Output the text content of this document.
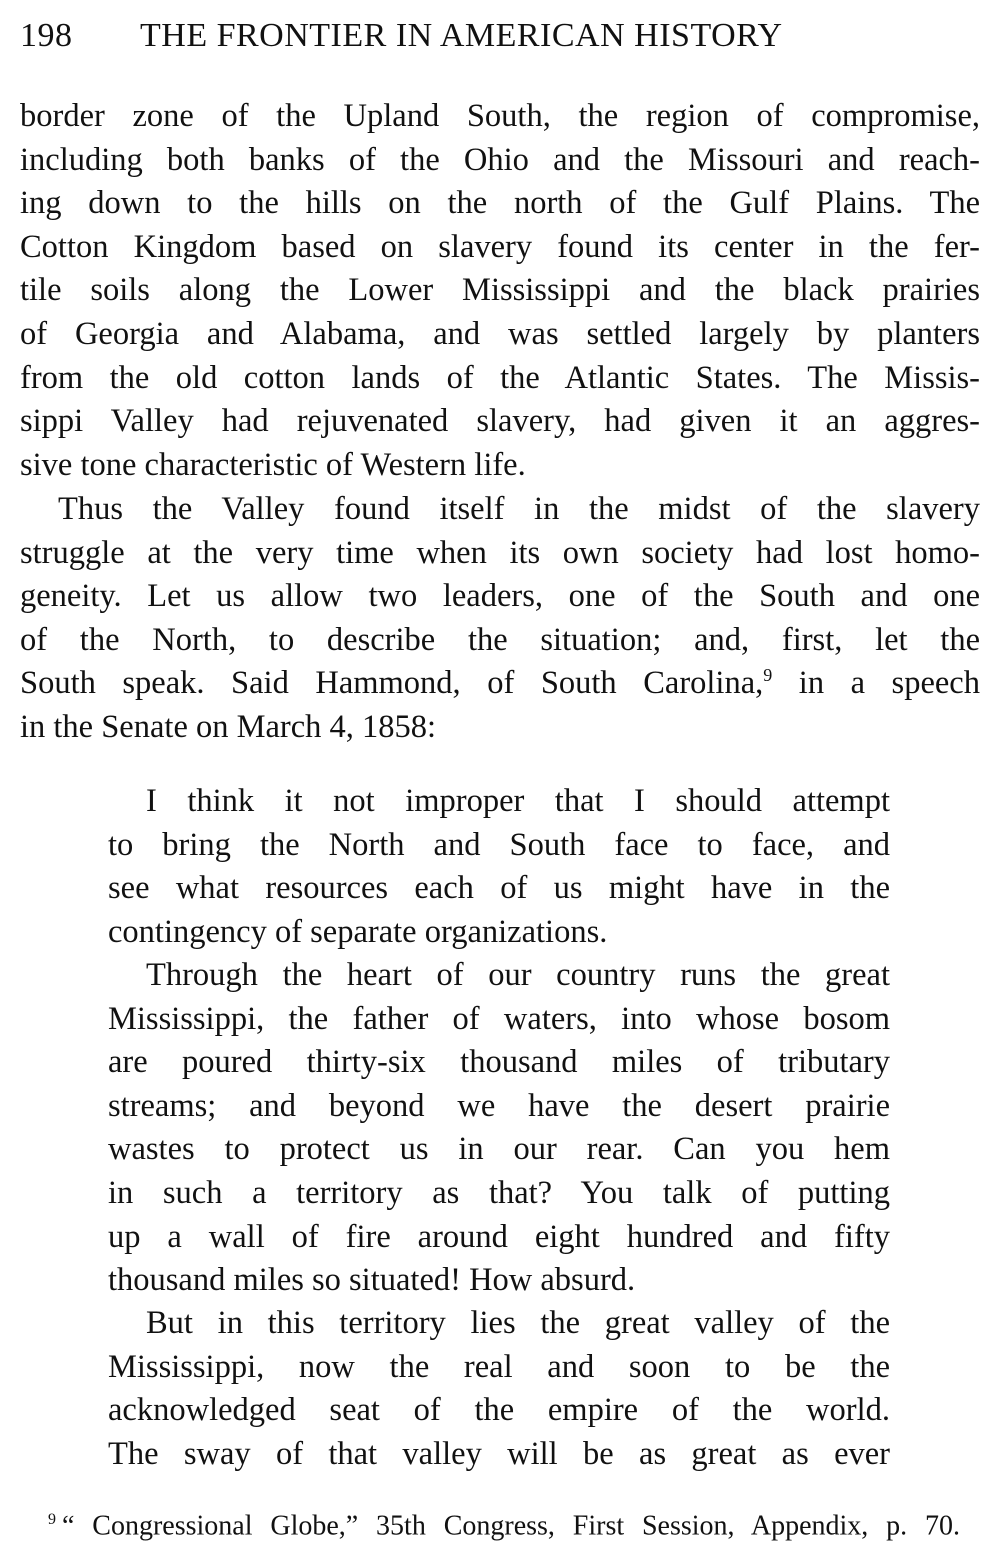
198 THE FRONTIER IN AMERICAN HISTORY
border zone of the Upland South, the region of compromise,
including both banks of the Ohio and the Missouri and reach-
ing down to the hills on the north of the Gulf Plains. The
Cotton Kingdom based on slavery found its center in the fer-
tile soils along the Lower Mississippi and the black prairies
of Georgia and Alabama, and was settled largely by planters
from the old cotton lands of the Atlantic States. The Missis-
sippi Valley had rejuvenated slavery, had given it an aggres-
sive tone characteristic of Western life.
Thus the Valley found itself in the midst of the slavery
struggle at the very time when its own society had lost homo-
geneity. Let us allow two leaders, one of the South and one
of the North, to describe the situation; and, first, let the
South speak. Said Hammond, of South Carolina,$^9$ in a speech
in the Senate on March 4, 1858:
I think it not improper that I should attempt
to bring the North and South face to face, and
see what resources each of us might have in the
contingency of separate organizations.
Through the heart of our country runs the great
Mississippi, the father of waters, into whose bosom
are poured thirty-six thousand miles of tributary
streams; and beyond we have the desert prairie
wastes to protect us in our rear. Can you hem
in such a territory as that? You talk of putting
up a wall of fire around eight hundred and fifty
thousand miles so situated! How absurd.
But in this territory lies the great valley of the
Mississippi, now the real and soon to be the
acknowledged seat of the empire of the world.
The sway of that valley will be as great as ever
$^9$ “ Congressional Globe,” 35th Congress, First Session, Appendix, p. 70.
